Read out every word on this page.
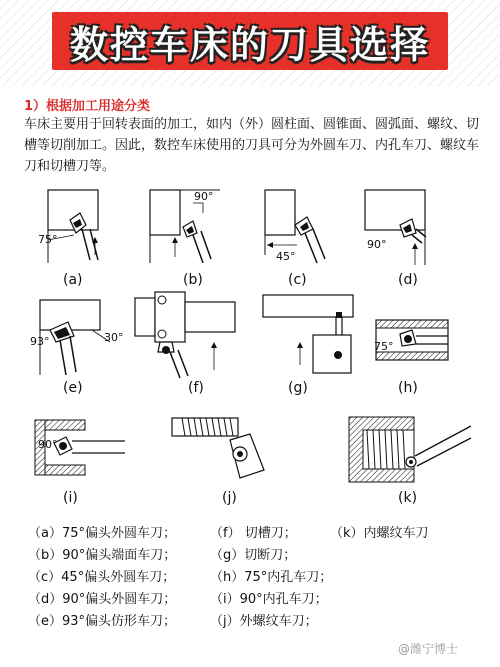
数控车床的刀具选择
1）根据加工用途分类
车床主要用于回转表面的加工，如内（外）圆柱面、圆锥面、圆弧面、螺纹、切槽等切削加工。因此，数控车床使用的刀具可分为外圆车刀、内孔车刀、螺纹车刀和切槽刀等。
75°
(a)
90°
(b)
45°
(c)
90°
(d)
93°	30°
(e)	(f)	(g)
75°
(h)
90°
(i)	(j)	(k)
（a）75°偏头外圆车刀；
（b）90°偏头端面车刀；
（c）45°偏头外圆车刀；
（d）90°偏头外圆车刀；
（e）93°偏头仿形车刀；
（f） 切槽刀；
（g）切断刀；
（h）75°内孔车刀；
（i）90°内孔车刀；
（j）外螺纹车刀；
（k）内螺纹车刀
@潍宁博士
